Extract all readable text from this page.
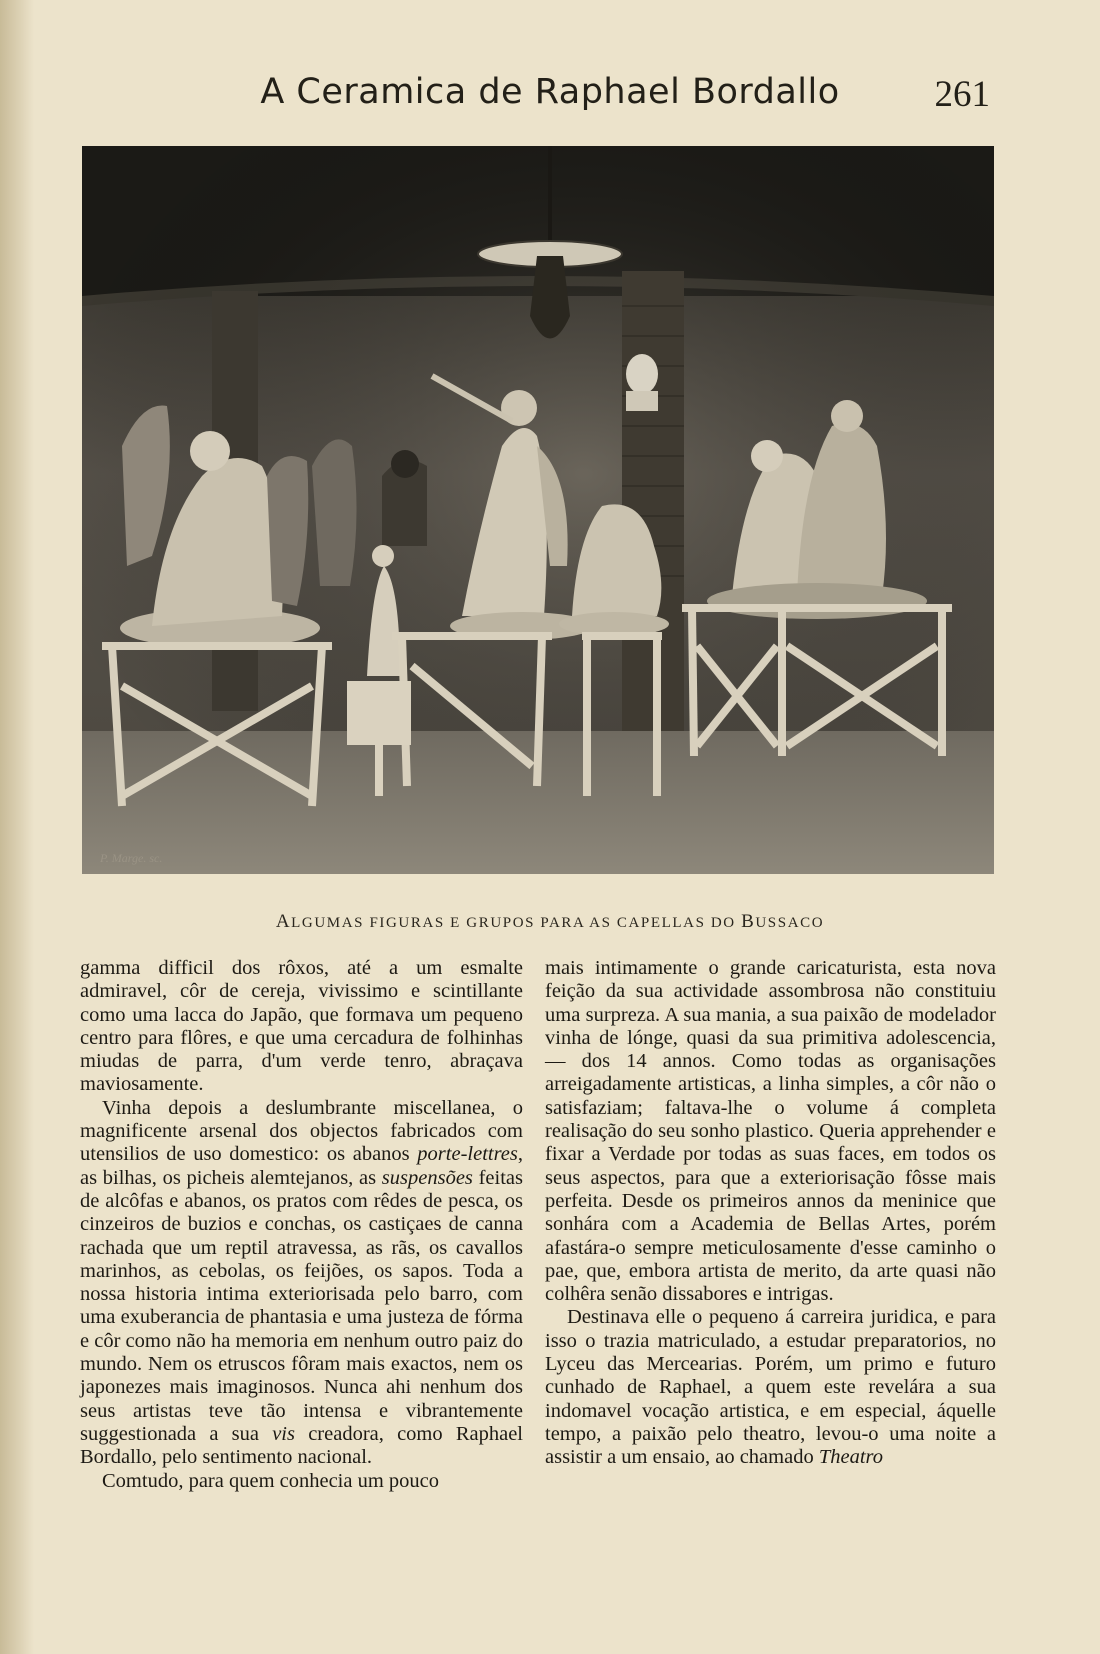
A Ceramica de Raphael Bordallo	261
P. Marge. sc.
ALGUMAS FIGURAS E GRUPOS PARA AS CAPELLAS DO BUSSACO

gamma difficil dos rôxos, até a um esmalte admiravel, côr de cereja, vivissimo e scintillante como uma lacca do Japão, que formava um pequeno centro para flôres, e que uma cercadura de folhinhas miudas de parra, d'um verde tenro, abraçava maviosamente.

Vinha depois a deslumbrante miscellanea, o magnificente arsenal dos objectos fabricados com utensilios de uso domestico: os abanos porte-lettres, as bilhas, os picheis alemtejanos, as suspensões feitas de alcôfas e abanos, os pratos com rêdes de pesca, os cinzeiros de buzios e conchas, os castiçaes de canna rachada que um reptil atravessa, as rãs, os cavallos marinhos, as cebolas, os feijões, os sapos. Toda a nossa historia intima exteriorisada pelo barro, com uma exuberancia de phantasia e uma justeza de fórma e côr como não ha memoria em nenhum outro paiz do mundo. Nem os etruscos fôram mais exactos, nem os japonezes mais imaginosos. Nunca ahi nenhum dos seus artistas teve tão intensa e vibrantemente suggestionada a sua vis creadora, como Raphael Bordallo, pelo sentimento nacional.

Comtudo, para quem conhecia um pouco

mais intimamente o grande caricaturista, esta nova feição da sua actividade assombrosa não constituiu uma surpreza. A sua mania, a sua paixão de modelador vinha de lónge, quasi da sua primitiva adolescencia, — dos 14 annos. Como todas as organisações arreigadamente artisticas, a linha simples, a côr não o satisfaziam; faltava-lhe o volume á completa realisação do seu sonho plastico. Queria apprehender e fixar a Verdade por todas as suas faces, em todos os seus aspectos, para que a exteriorisação fôsse mais perfeita. Desde os primeiros annos da meninice que sonhára com a Academia de Bellas Artes, porém afastára-o sempre meticulosamente d'esse caminho o pae, que, embora artista de merito, da arte quasi não colhêra senão dissabores e intrigas.

Destinava elle o pequeno á carreira juridica, e para isso o trazia matriculado, a estudar preparatorios, no Lyceu das Mercearias. Porém, um primo e futuro cunhado de Raphael, a quem este revelára a sua indomavel vocação artistica, e em especial, áquelle tempo, a paixão pelo theatro, levou-o uma noite a assistir a um ensaio, ao chamado Theatro
